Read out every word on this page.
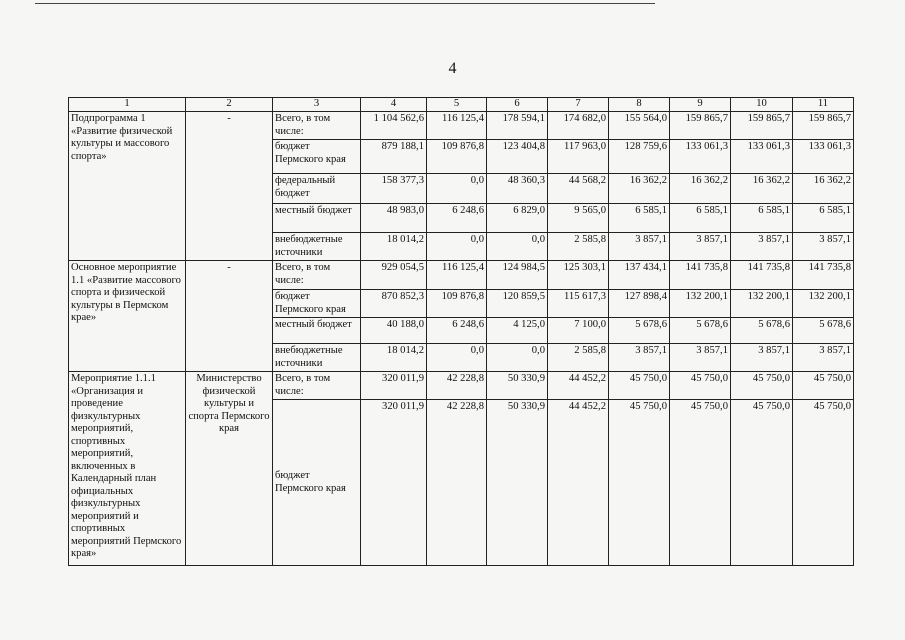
4
1	2	3	4	5	6	7	8	9	10	11
Подпрограмма 1 «Развитие физической культуры и массового спорта»	-	Всего, в том числе:	1 104 562,6	116 125,4	178 594,1	174 682,0	155 564,0	159 865,7	159 865,7	159 865,7
		бюджет Пермского края	879 188,1	109 876,8	123 404,8	117 963,0	128 759,6	133 061,3	133 061,3	133 061,3
		федеральный бюджет	158 377,3	0,0	48 360,3	44 568,2	16 362,2	16 362,2	16 362,2	16 362,2
		местный бюджет	48 983,0	6 248,6	6 829,0	9 565,0	6 585,1	6 585,1	6 585,1	6 585,1
		внебюджетные источники	18 014,2	0,0	0,0	2 585,8	3 857,1	3 857,1	3 857,1	3 857,1
Основное мероприятие 1.1 «Развитие массового спорта и физической культуры в Пермском крае»	-	Всего, в том числе:	929 054,5	116 125,4	124 984,5	125 303,1	137 434,1	141 735,8	141 735,8	141 735,8
		бюджет Пермского края	870 852,3	109 876,8	120 859,5	115 617,3	127 898,4	132 200,1	132 200,1	132 200,1
		местный бюджет	40 188,0	6 248,6	4 125,0	7 100,0	5 678,6	5 678,6	5 678,6	5 678,6
		внебюджетные источники	18 014,2	0,0	0,0	2 585,8	3 857,1	3 857,1	3 857,1	3 857,1
Мероприятие 1.1.1 «Организация и проведение физкультурных мероприятий, спортивных мероприятий, включенных в Календарный план официальных физкультурных мероприятий и спортивных мероприятий Пермского края»	Министерство физической культуры и спорта Пермского края	Всего, в том числе:	320 011,9	42 228,8	50 330,9	44 452,2	45 750,0	45 750,0	45 750,0	45 750,0
		бюджет Пермского края	320 011,9	42 228,8	50 330,9	44 452,2	45 750,0	45 750,0	45 750,0	45 750,0
